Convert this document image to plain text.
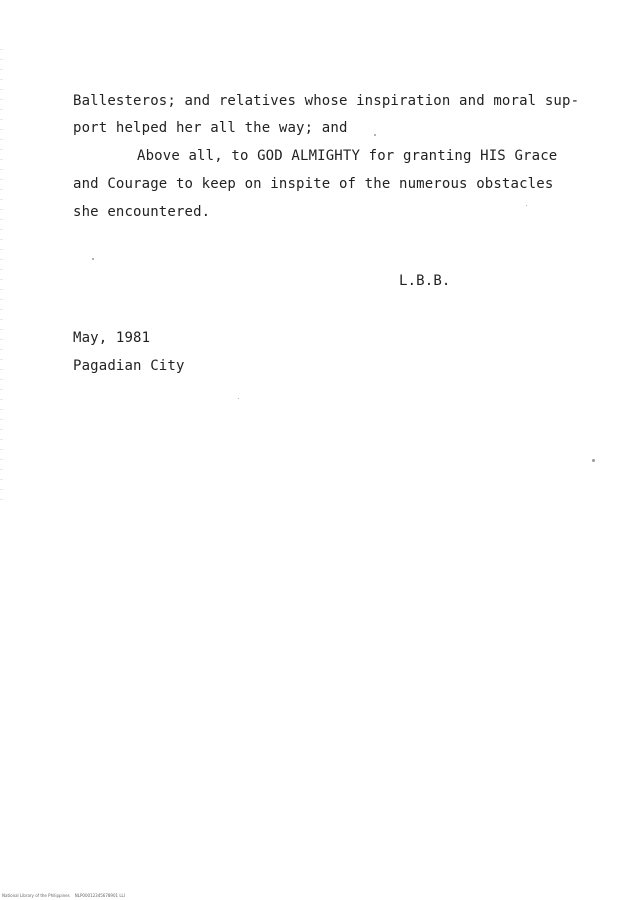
Ballesteros; and relatives whose inspiration and moral sup-
port helped her all the way; and
Above all, to GOD ALMIGHTY for granting HIS Grace
and Courage to keep on inspite of the numerous obstacles
she encountered.
L.B.B.
May, 1981
Pagadian City
National Library of the Philippines    NLP00012345678901 LLI
